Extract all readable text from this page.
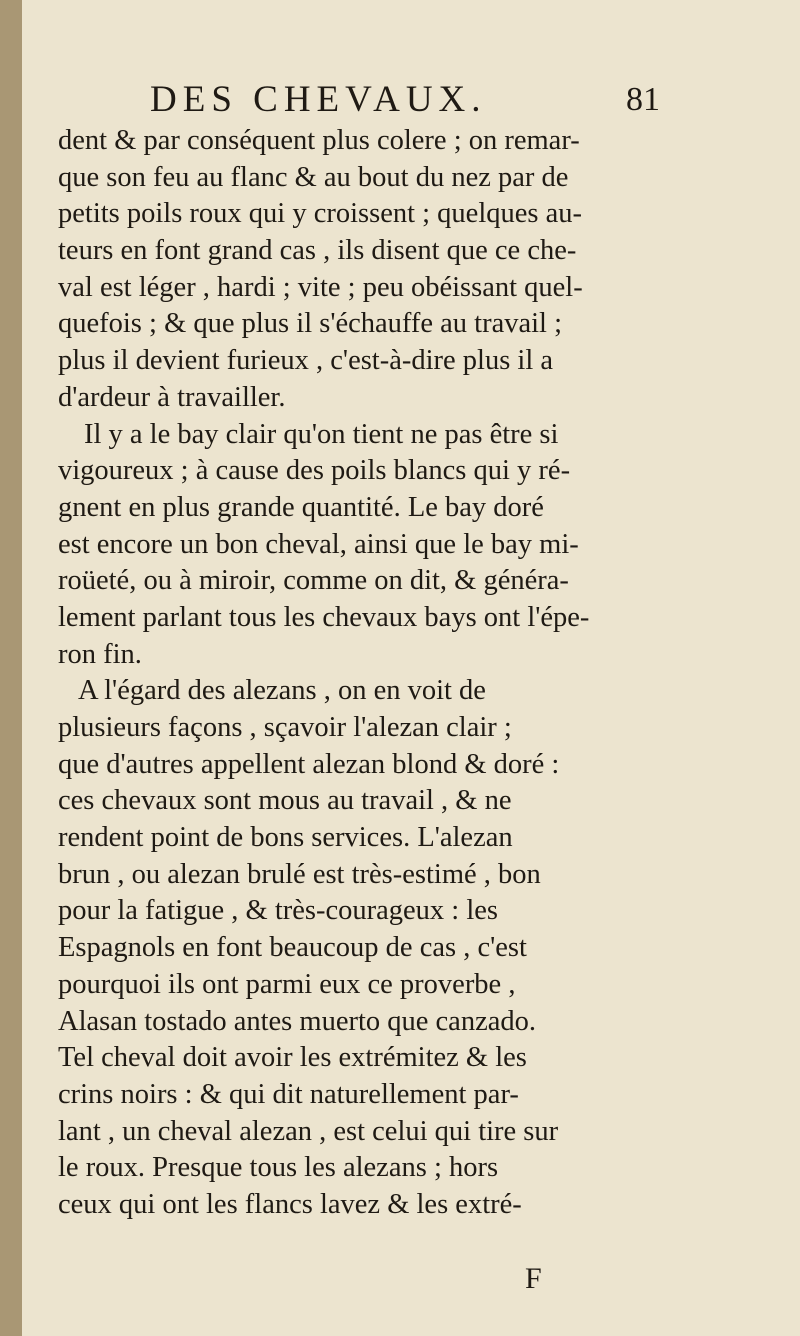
DES CHEVAUX.	81
dent & par conséquent plus colere ; on remar-
que son feu au flanc & au bout du nez par de
petits poils roux qui y croissent ; quelques au-
teurs en font grand cas , ils disent que ce che-
val est léger , hardi ; vite ; peu obéissant quel-
quefois ; & que plus il s'échauffe au travail ;
plus il devient furieux , c'est-à-dire plus il a
d'ardeur à travailler.
Il y a le bay clair qu'on tient ne pas être si
vigoureux ; à cause des poils blancs qui y ré-
gnent en plus grande quantité. Le bay doré
est encore un bon cheval, ainsi que le bay mi-
roüeté, ou à miroir, comme on dit, & généra-
lement parlant tous les chevaux bays ont l'épe-
ron fin.
A l'égard des alezans , on en voit de
plusieurs façons , sçavoir l'alezan clair ;
que d'autres appellent alezan blond & doré :
ces chevaux sont mous au travail , & ne
rendent point de bons services. L'alezan
brun , ou alezan brulé est très-estimé , bon
pour la fatigue , & très-courageux : les
Espagnols en font beaucoup de cas , c'est
pourquoi ils ont parmi eux ce proverbe ,
Alasan tostado antes muerto que canzado.
Tel cheval doit avoir les extrémitez & les
crins noirs : & qui dit naturellement par-
lant , un cheval alezan , est celui qui tire sur
le roux. Presque tous les alezans ; hors
ceux qui ont les flancs lavez & les extré-
F
